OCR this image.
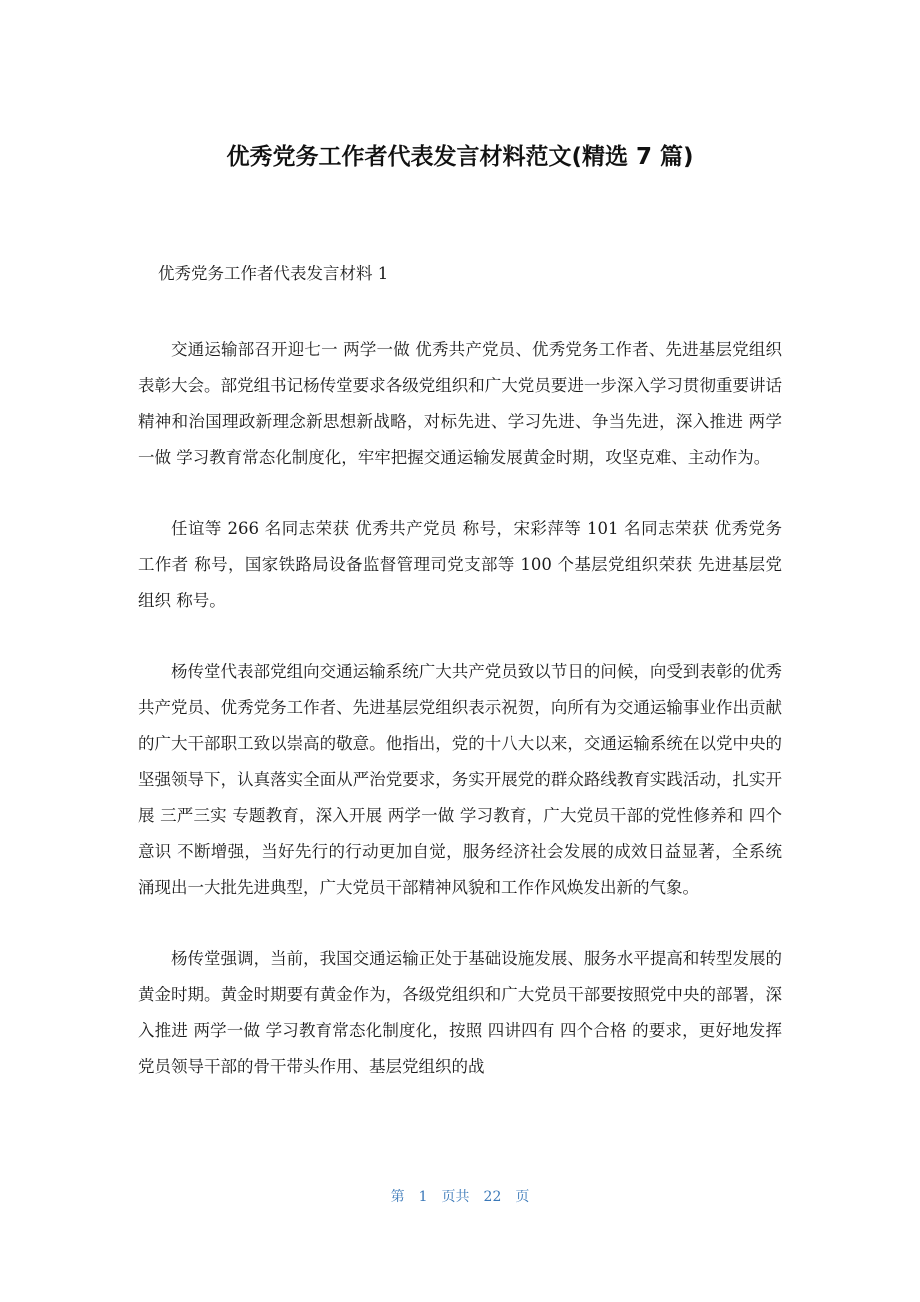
优秀党务工作者代表发言材料范文(精选 7 篇)

优秀党务工作者代表发言材料 1

交通运输部召开迎七一 两学一做 优秀共产党员、优秀党务工作者、先进基层党组织表彰大会。部党组书记杨传堂要求各级党组织和广大党员要进一步深入学习贯彻重要讲话精神和治国理政新理念新思想新战略，对标先进、学习先进、争当先进，深入推进 两学一做 学习教育常态化制度化，牢牢把握交通运输发展黄金时期，攻坚克难、主动作为。

任谊等 266 名同志荣获 优秀共产党员 称号，宋彩萍等 101 名同志荣获 优秀党务工作者 称号，国家铁路局设备监督管理司党支部等 100 个基层党组织荣获 先进基层党组织 称号。

杨传堂代表部党组向交通运输系统广大共产党员致以节日的问候，向受到表彰的优秀共产党员、优秀党务工作者、先进基层党组织表示祝贺，向所有为交通运输事业作出贡献的广大干部职工致以崇高的敬意。他指出，党的十八大以来，交通运输系统在以党中央的坚强领导下，认真落实全面从严治党要求，务实开展党的群众路线教育实践活动，扎实开展 三严三实 专题教育，深入开展 两学一做 学习教育，广大党员干部的党性修养和 四个意识 不断增强，当好先行的行动更加自觉，服务经济社会发展的成效日益显著，全系统涌现出一大批先进典型，广大党员干部精神风貌和工作作风焕发出新的气象。

杨传堂强调，当前，我国交通运输正处于基础设施发展、服务水平提高和转型发展的黄金时期。黄金时期要有黄金作为，各级党组织和广大党员干部要按照党中央的部署，深入推进 两学一做 学习教育常态化制度化，按照 四讲四有 四个合格 的要求，更好地发挥党员领导干部的骨干带头作用、基层党组织的战

第 1 页共 22 页
